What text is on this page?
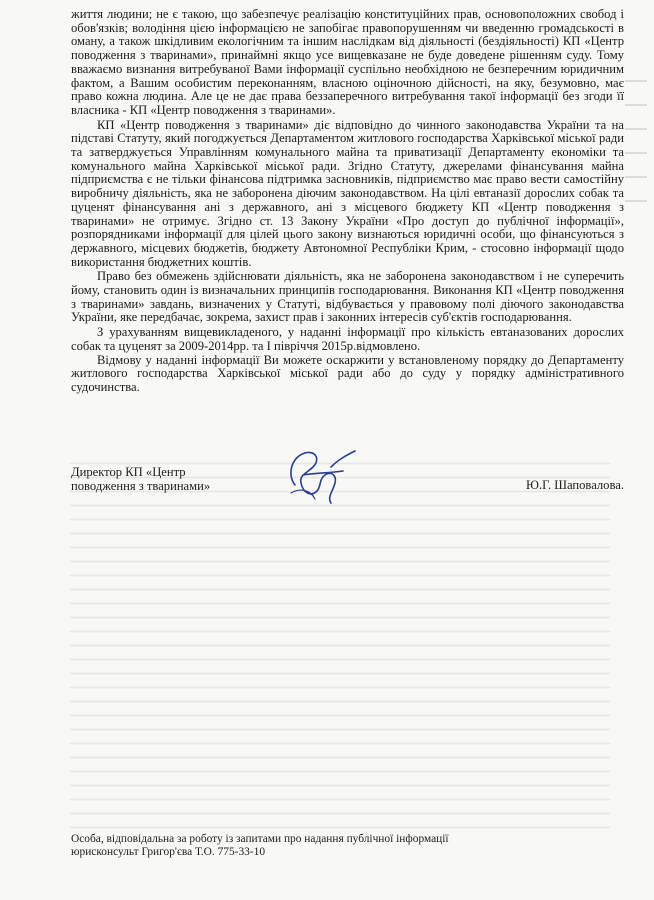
життя людини; не є такою, що забезпечує реалізацію конституційних прав, основоположних свобод і обов'язків; володіння цією інформацією не запобігає правопорушенням чи введенню громадськості в оману, а також шкідливим екологічним та іншим наслідкам від діяльності (бездіяльності) КП «Центр поводження з тваринами», принаймні якщо усе вищевказане не буде доведене рішенням суду. Тому вважаємо визнання витребуваної Вами інформації суспільно необхідною не безперечним юридичним фактом, а Вашим особистим переконанням, власною оціночною дійсності, на яку, безумовно, має право кожна людина. Але це не дає права беззаперечного витребування такої інформації без згоди її власника - КП «Центр поводження з тваринами».

КП «Центр поводження з тваринами» діє відповідно до чинного законодавства України та на підставі Статуту, який погоджується Департаментом житлового господарства Харківської міської ради та затверджується Управлінням комунального майна та приватизації Департаменту економіки та комунального майна Харківської міської ради. Згідно Статуту, джерелами фінансування майна підприємства є не тільки фінансова підтримка засновників, підприємство має право вести самостійну виробничу діяльність, яка не заборонена діючим законодавством. На цілі евтаназії дорослих собак та цуценят фінансування ані з державного, ані з місцевого бюджету КП «Центр поводження з тваринами» не отримує. Згідно ст. 13 Закону України «Про доступ до публічної інформації», розпорядниками інформації для цілей цього закону визнаються юридичні особи, що фінансуються з державного, місцевих бюджетів, бюджету Автономної Республіки Крим, - стосовно інформації щодо використання бюджетних коштів.

Право без обмежень здійснювати діяльність, яка не заборонена законодавством і не суперечить йому, становить один із визначальних принципів господарювання. Виконання КП «Центр поводження з тваринами» завдань, визначених у Статуті, відбувається у правовому полі діючого законодавства України, яке передбачає, зокрема, захист прав і законних інтересів суб'єктів господарювання.

З урахуванням вищевикладеного, у наданні інформації про кількість евтаназованих дорослих собак та цуценят за 2009-2014рр. та I півріччя 2015р.відмовлено.

Відмову у наданні інформації Ви можете оскаржити у встановленому порядку до Департаменту житлового господарства Харківської міської ради або до суду у порядку адміністративного судочинства.

Директор КП «Центр
поводження з тваринами»	Ю.Г. Шаповалова.
Особа, відповідальна за роботу із запитами про надання публічної інформації
юрисконсульт Григор'єва Т.О. 775-33-10
